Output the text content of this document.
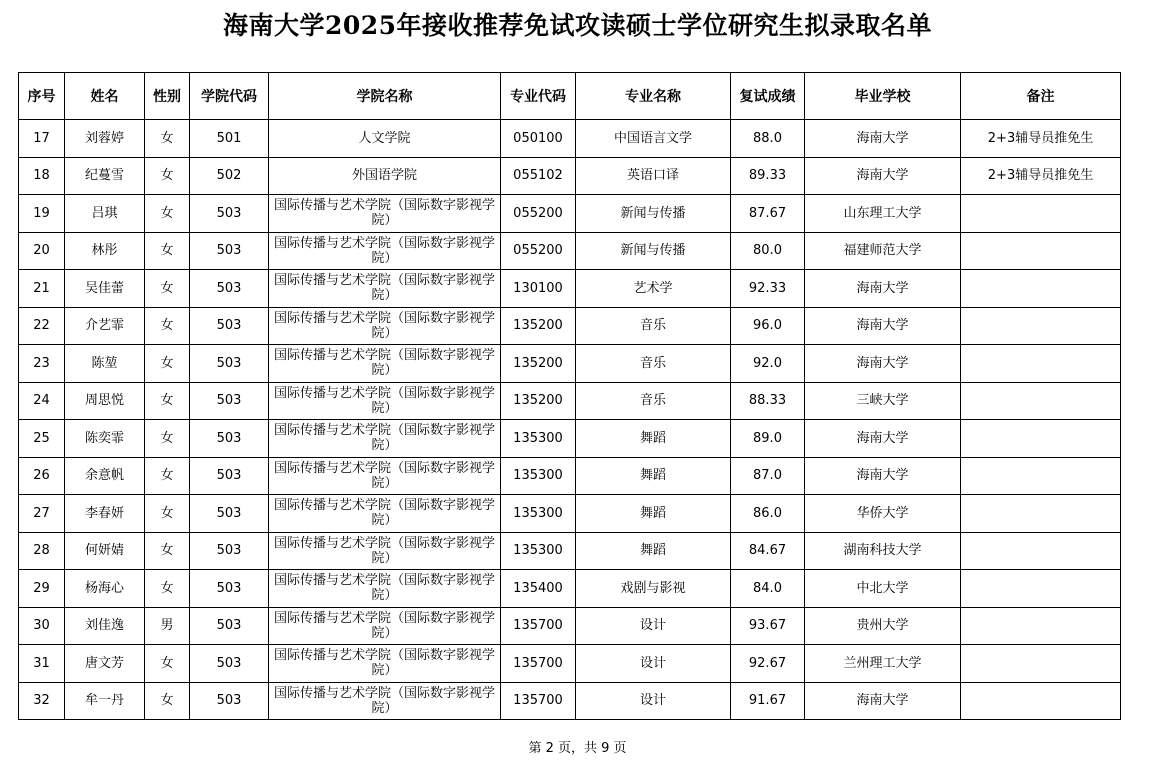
海南大学2025年接收推荐免试攻读硕士学位研究生拟录取名单
序号	姓名	性别	学院代码	学院名称	专业代码	专业名称	复试成绩	毕业学校	备注
17	刘蓉婷	女	501	人文学院	050100	中国语言文学	88.0	海南大学	2+3辅导员推免生
18	纪蔓雪	女	502	外国语学院	055102	英语口译	89.33	海南大学	2+3辅导员推免生
19	吕琪	女	503	国际传播与艺术学院（国际数字影视学院）	055200	新闻与传播	87.67	山东理工大学	
20	林彤	女	503	国际传播与艺术学院（国际数字影视学院）	055200	新闻与传播	80.0	福建师范大学	
21	吴佳蕾	女	503	国际传播与艺术学院（国际数字影视学院）	130100	艺术学	92.33	海南大学	
22	介艺霏	女	503	国际传播与艺术学院（国际数字影视学院）	135200	音乐	96.0	海南大学	
23	陈堃	女	503	国际传播与艺术学院（国际数字影视学院）	135200	音乐	92.0	海南大学	
24	周思悦	女	503	国际传播与艺术学院（国际数字影视学院）	135200	音乐	88.33	三峡大学	
25	陈奕霏	女	503	国际传播与艺术学院（国际数字影视学院）	135300	舞蹈	89.0	海南大学	
26	余意帆	女	503	国际传播与艺术学院（国际数字影视学院）	135300	舞蹈	87.0	海南大学	
27	李春妍	女	503	国际传播与艺术学院（国际数字影视学院）	135300	舞蹈	86.0	华侨大学	
28	何妍婧	女	503	国际传播与艺术学院（国际数字影视学院）	135300	舞蹈	84.67	湖南科技大学	
29	杨海心	女	503	国际传播与艺术学院（国际数字影视学院）	135400	戏剧与影视	84.0	中北大学	
30	刘佳逸	男	503	国际传播与艺术学院（国际数字影视学院）	135700	设计	93.67	贵州大学	
31	唐文芳	女	503	国际传播与艺术学院（国际数字影视学院）	135700	设计	92.67	兰州理工大学	
32	牟一丹	女	503	国际传播与艺术学院（国际数字影视学院）	135700	设计	91.67	海南大学	
第 2 页，共 9 页
